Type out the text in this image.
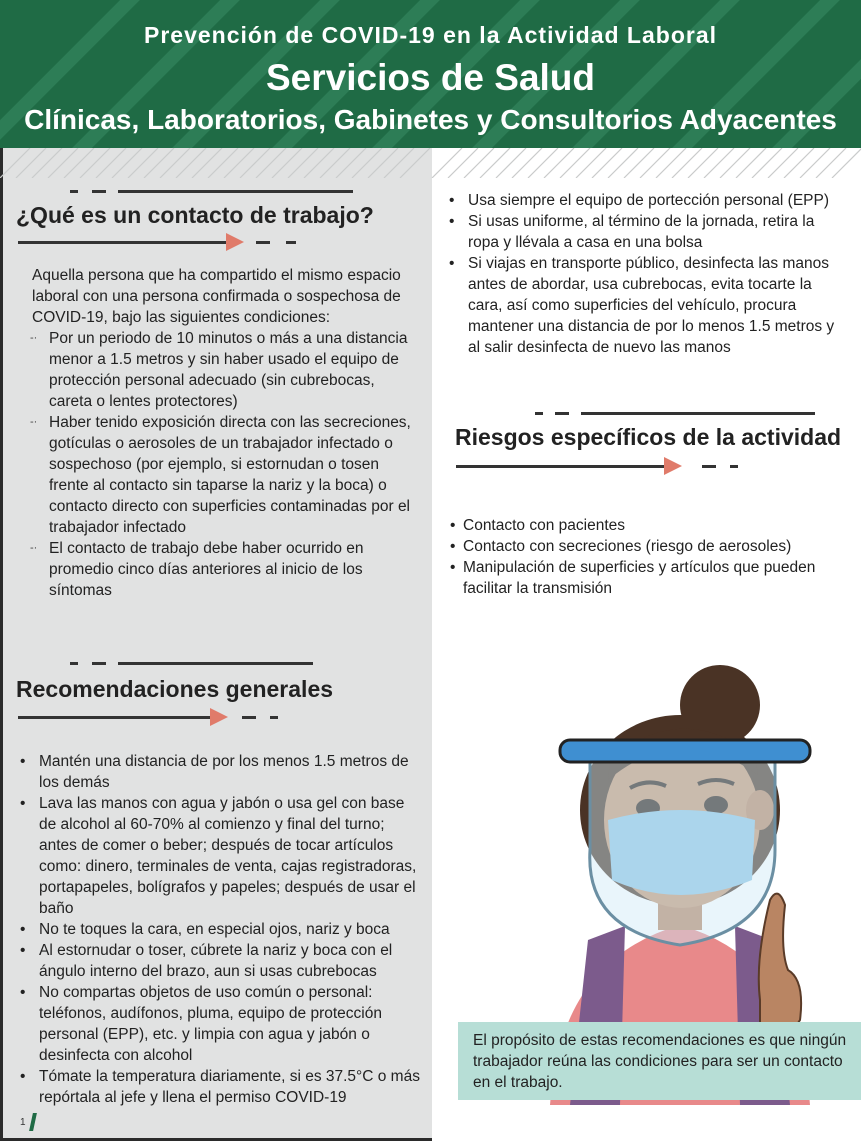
Prevención de COVID-19 en la Actividad Laboral
Servicios de Salud
Clínicas, Laboratorios, Gabinetes y Consultorios Adyacentes
¿Qué es un contacto de trabajo?
Aquella persona que ha compartido el mismo espacio laboral con una persona confirmada o sospechosa de COVID-19, bajo las siguientes condiciones:
-· Por un periodo de 10 minutos o más a una distancia menor a 1.5 metros y sin haber usado el equipo de protección personal adecuado (sin cubrebocas, careta o lentes protectores)
-· Haber tenido exposición directa con las secreciones, gotículas o aerosoles de un trabajador infectado o sospechoso (por ejemplo, si estornudan o tosen frente al contacto sin taparse la nariz y la boca) o contacto directo con superficies contaminadas por el trabajador infectado
-· El contacto de trabajo debe haber ocurrido en promedio cinco días anteriores al inicio de los síntomas
Recomendaciones generales
• Mantén una distancia de por los menos 1.5 metros de los demás
• Lava las manos con agua y jabón o usa gel con base de alcohol al 60-70% al comienzo y final del turno; antes de comer o beber; después de tocar artículos como: dinero, terminales de venta, cajas registradoras, portapapeles, bolígrafos y papeles; después de usar el baño
• No te toques la cara, en especial ojos, nariz y boca
• Al estornudar o toser, cúbrete la nariz y boca con el ángulo interno del brazo, aun si usas cubrebocas
• No compartas objetos de uso común o personal: teléfonos, audífonos, pluma, equipo de protección personal (EPP), etc. y limpia con agua y jabón o desinfecta con alcohol
• Tómate la temperatura diariamente, si es 37.5°C o más repórtala al jefe y llena el permiso COVID-19
1
• Usa siempre el equipo de portección personal (EPP)
• Si usas uniforme, al término de la jornada, retira la ropa y llévala a casa en una bolsa
• Si viajas en transporte público, desinfecta las manos antes de abordar, usa cubrebocas, evita tocarte la cara, así como superficies del vehículo, procura mantener una distancia de por lo menos 1.5 metros y al salir desinfecta de nuevo las manos
Riesgos específicos de la actividad
• Contacto con pacientes
• Contacto con secreciones (riesgo de aerosoles)
• Manipulación de superficies y artículos que pueden facilitar la transmisión
El propósito de estas recomendaciones es que ningún trabajador reúna las condiciones para ser un contacto en el trabajo.
